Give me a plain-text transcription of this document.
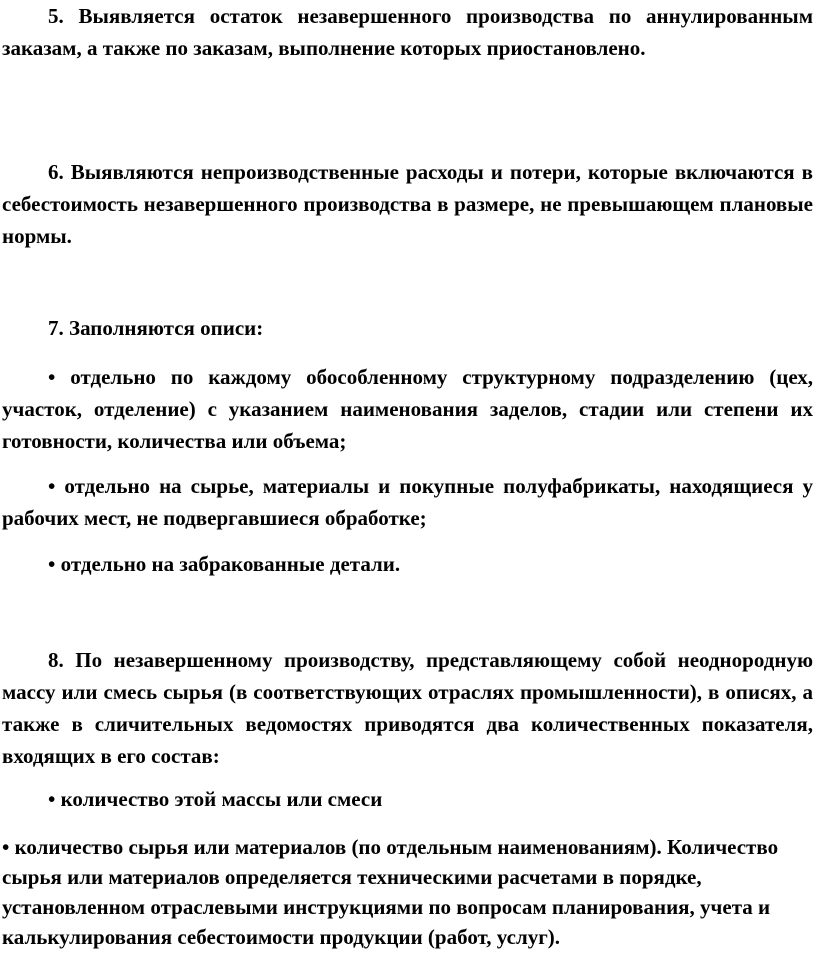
5. Выявляется остаток незавершенного производства по аннулированным заказам, а также по заказам, выполнение которых приостановлено.

6. Выявляются непроизводственные расходы и потери, которые включаются в себестоимость незавершенного производства в размере, не превышающем плановые нормы.

7. Заполняются описи:

• отдельно по каждому обособленному структурному подразделению (цех, участок, отделение) с указанием наименования заделов, стадии или степени их готовности, количества или объема;

• отдельно на сырье, материалы и покупные полуфабрикаты, находящиеся у рабочих мест, не подвергавшиеся обработке;

• отдельно на забракованные детали.

8. По незавершенному производству, представляющему собой неоднородную массу или смесь сырья (в соответствующих отраслях промышленности), в описях, а также в сличительных ведомостях приводятся два количественных показателя, входящих в его состав:

• количество этой массы или смеси

• количество сырья или материалов (по отдельным наименованиям). Количество сырья или материалов определяется техническими расчетами в порядке, установленном отраслевыми инструкциями по вопросам планирования, учета и калькулирования себестоимости продукции (работ, услуг).
